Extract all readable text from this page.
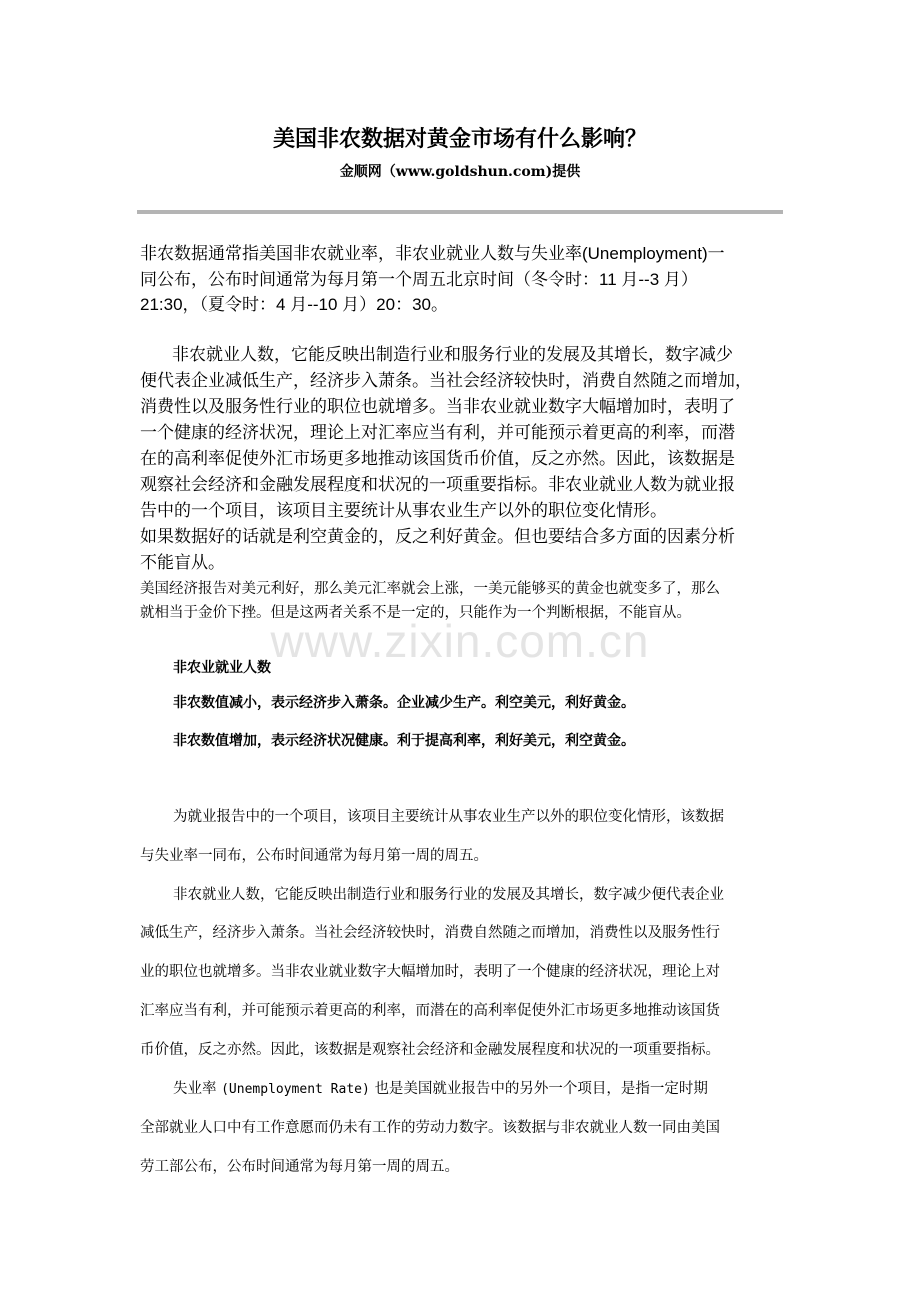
美国非农数据对黄金市场有什么影响？
金顺网（www.goldshun.com)提供
非农数据通常指美国非农就业率，非农业就业人数与失业率(Unemployment)一
同公布，公布时间通常为每月第一个周五北京时间（冬令时：11 月--3 月）
21:30，（夏令时：4 月--10 月）20：30。
非农就业人数，它能反映出制造行业和服务行业的发展及其增长，数字减少
便代表企业减低生产，经济步入萧条。当社会经济较快时，消费自然随之而增加，
消费性以及服务性行业的职位也就增多。当非农业就业数字大幅增加时，表明了
一个健康的经济状况，理论上对汇率应当有利，并可能预示着更高的利率，而潜
在的高利率促使外汇市场更多地推动该国货币价值，反之亦然。因此，该数据是
观察社会经济和金融发展程度和状况的一项重要指标。非农业就业人数为就业报
告中的一个项目，该项目主要统计从事农业生产以外的职位变化情形。
如果数据好的话就是利空黄金的，反之利好黄金。但也要结合多方面的因素分析
不能盲从。
美国经济报告对美元利好，那么美元汇率就会上涨，一美元能够买的黄金也就变多了，那么
就相当于金价下挫。但是这两者关系不是一定的，只能作为一个判断根据，不能盲从。
www.zixin.com.cn
非农业就业人数
非农数值减小，表示经济步入萧条。企业减少生产。利空美元，利好黄金。
非农数值增加，表示经济状况健康。利于提高利率，利好美元，利空黄金。
为就业报告中的一个项目，该项目主要统计从事农业生产以外的职位变化情形，该数据
与失业率一同布，公布时间通常为每月第一周的周五。
非农就业人数，它能反映出制造行业和服务行业的发展及其增长，数字减少便代表企业
减低生产，经济步入萧条。当社会经济较快时，消费自然随之而增加，消费性以及服务性行
业的职位也就增多。当非农业就业数字大幅增加时，表明了一个健康的经济状况，理论上对
汇率应当有利，并可能预示着更高的利率，而潜在的高利率促使外汇市场更多地推动该国货
币价值，反之亦然。因此，该数据是观察社会经济和金融发展程度和状况的一项重要指标。
失业率 (Unemployment Rate) 也是美国就业报告中的另外一个项目，是指一定时期
全部就业人口中有工作意愿而仍未有工作的劳动力数字。该数据与非农就业人数一同由美国
劳工部公布，公布时间通常为每月第一周的周五。
